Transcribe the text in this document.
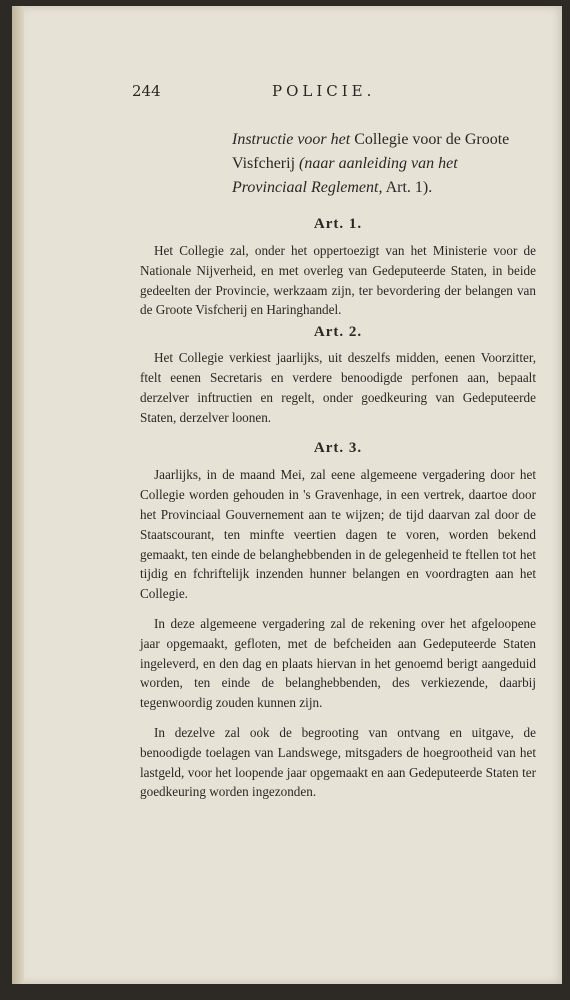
244	POLICIE.
Instructie voor het Collegie voor de Groote Visfcherij (naar aanleiding van het Provinciaal Reglement, Art. 1).
Art. 1.

Het Collegie zal, onder het oppertoezigt van het Ministerie voor de Nationale Nijverheid, en met overleg van Gedeputeerde Staten, in beide gedeelten der Provincie, werkzaam zijn, ter bevordering der belangen van de Groote Visfcherij en Haringhandel.

Art. 2.

Het Collegie verkiest jaarlijks, uit deszelfs midden, eenen Voorzitter, ftelt eenen Secretaris en verdere benoodigde perfonen aan, bepaalt derzelver inftructien en regelt, onder goedkeuring van Gedeputeerde Staten, derzelver loonen.

Art. 3.

Jaarlijks, in de maand Mei, zal eene algemeene vergadering door het Collegie worden gehouden in 's Gravenhage, in een vertrek, daartoe door het Provinciaal Gouvernement aan te wijzen; de tijd daarvan zal door de Staatscourant, ten minfte veertien dagen te voren, worden bekend gemaakt, ten einde de belanghebbenden in de gelegenheid te ftellen tot het tijdig en fchriftelijk inzenden hunner belangen en voordragten aan het Collegie.

In deze algemeene vergadering zal de rekening over het afgeloopene jaar opgemaakt, gefloten, met de befcheiden aan Gedeputeerde Staten ingeleverd, en den dag en plaats hiervan in het genoemd berigt aangeduid worden, ten einde de belanghebbenden, des verkiezende, daarbij tegenwoordig zouden kunnen zijn.

In dezelve zal ook de begrooting van ontvang en uitgave, de benoodigde toelagen van Landswege, mitsgaders de hoegrootheid van het lastgeld, voor het loopende jaar opgemaakt en aan Gedeputeerde Staten ter goedkeuring worden ingezonden.
